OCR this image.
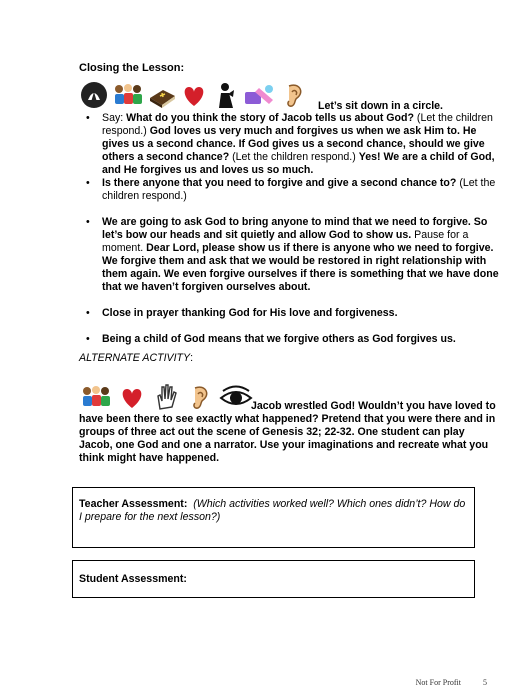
Closing the Lesson:
Let’s sit down in a circle.
• Say: What do you think the story of Jacob tells us about God? (Let the children respond.) God loves us very much and forgives us when we ask Him to. He gives us a second chance. If God gives us a second chance, should we give others a second chance? (Let the children respond.) Yes! We are a child of God, and He forgives us and loves us so much.
• Is there anyone that you need to forgive and give a second chance to? (Let the children respond.)
• We are going to ask God to bring anyone to mind that we need to forgive. So let’s bow our heads and sit quietly and allow God to show us. Pause for a moment. Dear Lord, please show us if there is anyone who we need to forgive. We forgive them and ask that we would be restored in right relationship with them again. We even forgive ourselves if there is something that we have done that we haven’t forgiven ourselves about.
• Close in prayer thanking God for His love and forgiveness.
• Being a child of God means that we forgive others as God forgives us.
ALTERNATE ACTIVITY:
Jacob wrestled God! Wouldn’t you have loved to have been there to see exactly what happened? Pretend that you were there and in groups of three act out the scene of Genesis 32; 22-32. One student can play Jacob, one God and one a narrator. Use your imaginations and recreate what you think might have happened.
Teacher Assessment: (Which activities worked well? Which ones didn’t? How do I prepare for the next lesson?)
Student Assessment:
Not For Profit	5
